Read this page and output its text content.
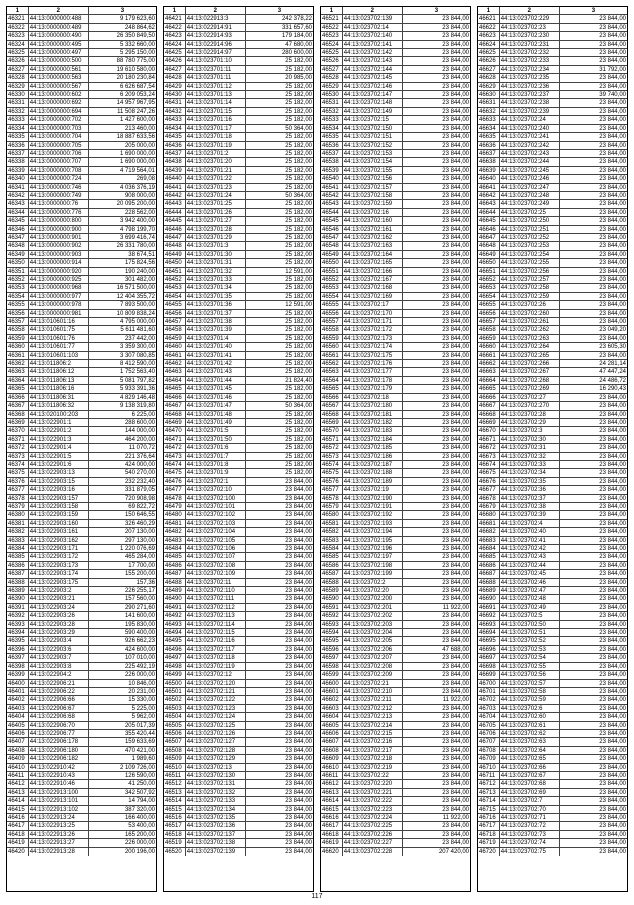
1	2	3
46321 44:13:0000000:488	9 179 623,60
46322 44:13:0000000:489	248 864,62
46323 44:13:0000000:490	26 350 849,50
46324 44:13:0000000:495	5 332 660,00
46325 44:13:0000000:497	5 295 150,00
46326 44:13:0000000:500	88 780 775,00
46327 44:13:0000000:561	19 610 580,00
46328 44:13:0000000:563	20 180 230,84
46329 44:13:0000000:567	6 626 687,54
46330 44:13:0000000:602	6 209 053,24
46331 44:13:0000000:692	14 957 967,95
46332 44:13:0000000:694	11 508 247,26
46333 44:13:0000000:702	1 427 600,00
46334 44:13:0000000:703	213 460,00
46335 44:13:0000000:704	18 887 633,56
46336 44:13:0000000:705	205 000,00
46337 44:13:0000000:706	1 690 000,00
46338 44:13:0000000:707	1 690 000,00
46339 44:13:0000000:708	4 719 564,01
46340 44:13:0000000:724	269,08
46341 44:13:0000000:746	4 036 376,19
46342 44:13:0000000:749	908 000,00
46343 44:13:0000000:76	20 095 200,00
46344 44:13:0000000:776	228 562,00
46345 44:13:0000000:800	3 942 400,00
46346 44:13:0000000:900	4 798 199,70
46347 44:13:0000000:901	3 699 416,74
46348 44:13:0000000:902	26 331 780,00
46349 44:13:0000000:903	38 674,51
46350 44:13:0000000:914	175 824,56
46351 44:13:0000000:920	190 240,00
46352 44:13:0000000:925	301 482,00
46353 44:13:0000000:968	16 571 500,00
46354 44:13:0000000:977	12 404 355,72
46355 44:13:0000000:978	7 893 500,00
46356 44:13:0000000:981	10 809 838,24
46357 44:13:010601:16	4 795 000,00
46358 44:13:010601:75	5 611 481,60
46359 44:13:010601:76	237 442,00
46360 44:13:010601:77	3 359 300,00
46361 44:13:010601:103	3 307 080,85
46362 44:13:011806:2	8 412 590,00
46363 44:13:011806:12	1 752 563,40
46364 44:13:011806:13	5 081 797,82
46365 44:13:011806:16	5 933 391,36
46366 44:13:011806:31	4 829 146,48
46367 44:13:011806:32	9 138 319,80
46368 44:13:020100:203	6 225,00
46369 44:13:022901:1	288 600,00
46370 44:13:022901:2	144 000,00
46371 44:13:022901:3	464 200,00
46372 44:13:022901:4	11 070,72
46373 44:13:022901:5	221 376,64
46374 44:13:022901:6	424 000,00
46375 44:13:022903:13	540 270,00
46376 44:13:022903:15	232 232,40
46377 44:13:022903:16	331 879,05
46378 44:13:022903:157	720 908,98
46379 44:13:022903:158	69 822,72
46380 44:13:022903:159	150 646,55
46381 44:13:022903:160	326 460,29
46382 44:13:022903:161	207 130,00
46383 44:13:022903:162	297 130,00
46384 44:13:022903:171	1 220 076,69
46385 44:13:022903:172	465 284,00
46386 44:13:022903:173	17 700,00
46387 44:13:022903:174	155 200,00
46388 44:13:022903:175	157,36
46389 44:13:022903:2	226 255,17
46390 44:13:022903:21	157 560,00
46391 44:13:022903:24	290 271,60
46392 44:13:022903:26	141 600,00
46393 44:13:022903:28	195 830,00
46394 44:13:022903:29	590 400,00
46395 44:13:022903:4	926 662,23
46396 44:13:022903:6	424 600,00
46397 44:13:022903:7	107 010,00
46398 44:13:022903:8	225 492,19
46399 44:13:022904:2	226 000,00
46400 44:13:022906:21	10 846,00
46401 44:13:022906:22	20 231,00
46402 44:13:022906:66	15 330,00
46403 44:13:022906:67	5 225,00
46404 44:13:022906:68	5 962,00
46405 44:13:022906:70	205 017,39
46406 44:13:022906:77	355 420,44
46407 44:13:022906:178	159 633,69
46408 44:13:022906:180	470 421,00
46409 44:13:022906:182	1 989,60
46410 44:13:022910:42	2 109 726,00
46411 44:13:022910:43	126 590,00
46412 44:13:022910:46	41 250,00
46413 44:13:022913:100	342 507,92
46414 44:13:022913:101	14 794,00
46415 44:13:022913:102	387 320,00
46416 44:13:022913:24	166 400,00
46417 44:13:022913:25	53 400,00
46418 44:13:022913:26	165 200,00
46419 44:13:022913:27	226 000,00
46420 44:13:022913:28	200 196,00
1	2	3
46421 44:13:022913:3	242 378,22
46422 44:13:022914:91	331 657,60
46423 44:13:022914:93	179 184,00
46424 44:13:022914:96	47 680,00
46425 44:13:022914:97	280 600,00
46426 44:13:023701:10	25 182,00
46427 44:13:023701:11	25 182,00
46428 44:13:023701:11	20 985,00
46429 44:13:023701:12	25 182,00
46430 44:13:023701:13	25 182,00
46431 44:13:023701:14	25 182,00
46432 44:13:023701:15	25 182,00
46433 44:13:023701:16	25 182,00
46434 44:13:023701:17	50 364,00
46435 44:13:023701:18	25 182,00
46436 44:13:023701:19	25 182,00
46437 44:13:023701:2	25 182,00
46438 44:13:023701:20	25 182,00
46439 44:13:023701:21	25 182,00
46440 44:13:023701:22	25 182,00
46441 44:13:023701:23	25 182,00
46442 44:13:023701:24	50 364,00
46443 44:13:023701:25	25 182,00
46444 44:13:023701:26	25 182,00
46445 44:13:023701:27	25 182,00
46446 44:13:023701:28	25 182,00
46447 44:13:023701:29	25 182,00
46448 44:13:023701:3	25 182,00
46449 44:13:023701:30	25 182,00
46450 44:13:023701:31	25 182,00
46451 44:13:023701:32	12 591,00
46452 44:13:023701:33	25 182,00
46453 44:13:023701:34	25 182,00
46454 44:13:023701:35	25 182,00
46455 44:13:023701:36	12 591,00
46456 44:13:023701:37	25 182,00
46457 44:13:023701:38	25 182,00
46458 44:13:023701:39	25 182,00
46459 44:13:023701:4	25 182,00
46460 44:13:023701:40	25 182,00
46461 44:13:023701:41	25 182,00
46462 44:13:023701:42	25 182,00
46463 44:13:023701:43	25 182,00
46464 44:13:023701:44	21 824,40
46465 44:13:023701:45	25 182,00
46466 44:13:023701:46	25 182,00
46467 44:13:023701:47	50 364,00
46468 44:13:023701:48	25 182,00
46469 44:13:023701:49	25 182,00
46470 44:13:023701:5	25 182,00
46471 44:13:023701:50	25 182,00
46472 44:13:023701:6	25 182,00
46473 44:13:023701:7	25 182,00
46474 44:13:023701:8	25 182,00
46475 44:13:023701:9	25 182,00
46476 44:13:023702:1	23 844,00
46477 44:13:023702:10	23 844,00
46478 44:13:023702:100	23 844,00
46479 44:13:023702:101	23 844,00
46480 44:13:023702:102	23 844,00
46481 44:13:023702:103	23 844,00
46482 44:13:023702:104	23 844,00
46483 44:13:023702:105	23 844,00
46484 44:13:023702:106	23 844,00
46485 44:13:023702:107	23 844,00
46486 44:13:023702:108	23 844,00
46487 44:13:023702:109	23 844,00
46488 44:13:023702:11	23 844,00
46489 44:13:023702:110	23 844,00
46490 44:13:023702:111	23 844,00
46491 44:13:023702:112	23 844,00
46492 44:13:023702:113	23 844,00
46493 44:13:023702:114	23 844,00
46494 44:13:023702:115	23 844,00
46495 44:13:023702:116	23 844,00
46496 44:13:023702:117	23 844,00
46497 44:13:023702:118	23 844,00
46498 44:13:023702:119	23 844,00
46499 44:13:023702:12	23 844,00
46500 44:13:023702:120	23 844,00
46501 44:13:023702:121	23 844,00
46502 44:13:023702:122	23 844,00
46503 44:13:023702:123	23 844,00
46504 44:13:023702:124	23 844,00
46505 44:13:023702:125	23 844,00
46506 44:13:023702:126	23 844,00
46507 44:13:023702:127	23 844,00
46508 44:13:023702:128	23 844,00
46509 44:13:023702:129	23 844,00
46510 44:13:023702:13	23 844,00
46511 44:13:023702:130	23 844,00
46512 44:13:023702:131	23 844,00
46513 44:13:023702:132	23 844,00
46514 44:13:023702:133	23 844,00
46515 44:13:023702:134	23 844,00
46516 44:13:023702:135	23 844,00
46517 44:13:023702:136	23 844,00
46518 44:13:023702:137	23 844,00
46519 44:13:023702:138	23 844,00
46520 44:13:023702:139	23 844,00
1	2	3
46521 44:13:023702:139	23 844,00
46522 44:13:023702:14	23 844,00
46523 44:13:023702:140	23 844,00
46524 44:13:023702:141	23 844,00
46525 44:13:023702:142	23 844,00
46526 44:13:023702:143	23 844,00
46527 44:13:023702:144	23 844,00
46528 44:13:023702:145	23 844,00
46529 44:13:023702:146	23 844,00
46530 44:13:023702:147	23 844,00
46531 44:13:023702:148	23 844,00
46532 44:13:023702:149	23 844,00
46533 44:13:023702:15	23 844,00
46534 44:13:023702:150	23 844,00
46535 44:13:023702:151	23 844,00
46536 44:13:023702:152	23 844,00
46537 44:13:023702:153	23 844,00
46538 44:13:023702:154	23 844,00
46539 44:13:023702:155	23 844,00
46540 44:13:023702:156	23 844,00
46541 44:13:023702:157	23 844,00
46542 44:13:023702:158	23 844,00
46543 44:13:023702:159	23 844,00
46544 44:13:023702:16	23 844,00
46545 44:13:023702:160	23 844,00
46546 44:13:023702:161	23 844,00
46547 44:13:023702:162	23 844,00
46548 44:13:023702:163	23 844,00
46549 44:13:023702:164	23 844,00
46550 44:13:023702:165	23 844,00
46551 44:13:023702:166	23 844,00
46552 44:13:023702:167	23 844,00
46553 44:13:023702:168	23 844,00
46554 44:13:023702:169	23 844,00
46555 44:13:023702:17	23 844,00
46556 44:13:023702:170	23 844,00
46557 44:13:023702:171	23 844,00
46558 44:13:023702:172	23 844,00
46559 44:13:023702:173	23 844,00
46560 44:13:023702:174	23 844,00
46561 44:13:023702:175	23 844,00
46562 44:13:023702:176	23 844,00
46563 44:13:023702:177	23 844,00
46564 44:13:023702:178	23 844,00
46565 44:13:023702:179	23 844,00
46566 44:13:023702:18	23 844,00
46567 44:13:023702:180	23 844,00
46568 44:13:023702:181	23 844,00
46569 44:13:023702:182	23 844,00
46570 44:13:023702:183	23 844,00
46571 44:13:023702:184	23 844,00
46572 44:13:023702:185	23 844,00
46573 44:13:023702:186	23 844,00
46574 44:13:023702:187	23 844,00
46575 44:13:023702:188	23 844,00
46576 44:13:023702:189	23 844,00
46577 44:13:023702:19	23 844,00
46578 44:13:023702:190	23 844,00
46579 44:13:023702:191	23 844,00
46580 44:13:023702:192	23 844,00
46581 44:13:023702:193	23 844,00
46582 44:13:023702:194	23 844,00
46583 44:13:023702:195	23 844,00
46584 44:13:023702:196	23 844,00
46585 44:13:023702:197	23 844,00
46586 44:13:023702:198	23 844,00
46587 44:13:023702:199	23 844,00
46588 44:13:023702:2	23 844,00
46589 44:13:023702:20	23 844,00
46590 44:13:023702:200	23 844,00
46591 44:13:023702:201	11 922,00
46592 44:13:023702:202	23 844,00
46593 44:13:023702:203	23 844,00
46594 44:13:023702:204	23 844,00
46595 44:13:023702:205	23 844,00
46596 44:13:023702:206	47 688,00
46597 44:13:023702:207	23 844,00
46598 44:13:023702:208	23 844,00
46599 44:13:023702:209	23 844,00
46600 44:13:023702:21	23 844,00
46601 44:13:023702:210	23 844,00
46602 44:13:023702:211	11 922,00
46603 44:13:023702:212	23 844,00
46604 44:13:023702:213	23 844,00
46605 44:13:023702:214	23 844,00
46606 44:13:023702:215	23 844,00
46607 44:13:023702:216	23 844,00
46608 44:13:023702:217	23 844,00
46609 44:13:023702:218	23 844,00
46610 44:13:023702:219	23 844,00
46611 44:13:023702:22	23 844,00
46612 44:13:023702:220	23 844,00
46613 44:13:023702:221	23 844,00
46614 44:13:023702:222	23 844,00
46615 44:13:023702:223	23 844,00
46616 44:13:023702:224	11 922,00
46617 44:13:023702:225	23 844,00
46618 44:13:023702:226	23 844,00
46619 44:13:023702:227	23 844,00
46620 44:13:023702:228	207 420,00
1	2	3
46621 44:13:023702:229	23 844,00
46622 44:13:023702:23	23 844,00
46623 44:13:023702:230	23 844,00
46624 44:13:023702:231	23 844,00
46625 44:13:023702:232	23 844,00
46626 44:13:023702:233	23 844,00
46627 44:13:023702:234	31 792,00
46628 44:13:023702:235	23 844,00
46629 44:13:023702:236	23 844,00
46630 44:13:023702:237	39 740,00
46631 44:13:023702:238	23 844,00
46632 44:13:023702:239	23 844,00
46633 44:13:023702:24	23 844,00
46634 44:13:023702:240	23 844,00
46635 44:13:023702:241	23 844,00
46636 44:13:023702:242	23 844,00
46637 44:13:023702:243	23 844,00
46638 44:13:023702:244	23 844,00
46639 44:13:023702:245	23 844,00
46640 44:13:023702:246	23 844,00
46641 44:13:023702:247	23 844,00
46642 44:13:023702:248	23 844,00
46643 44:13:023702:249	23 844,00
46644 44:13:023702:25	23 844,00
46645 44:13:023702:250	23 844,00
46646 44:13:023702:251	23 844,00
46647 44:13:023702:252	23 844,00
46648 44:13:023702:253	23 844,00
46649 44:13:023702:254	23 844,00
46650 44:13:023702:255	23 844,00
46651 44:13:023702:256	23 844,00
46652 44:13:023702:257	23 844,00
46653 44:13:023702:258	23 844,00
46654 44:13:023702:259	23 844,00
46655 44:13:023702:26	23 844,00
46656 44:13:023702:260	23 844,00
46657 44:13:023702:261	23 844,00
46658 44:13:023702:262	23 049,20
46659 44:13:023702:263	23 844,00
46660 44:13:023702:264	23 605,30
46661 44:13:023702:265	23 844,00
46662 44:13:023702:266	24 281,14
46663 44:13:023702:267	47 447,24
46664 44:13:023702:268	24 486,72
46665 44:13:023702:269	16 290,43
46666 44:13:023702:27	23 844,00
46667 44:13:023702:270	23 844,00
46668 44:13:023702:28	23 844,00
46669 44:13:023702:29	23 844,00
46670 44:13:023702:3	23 844,00
46671 44:13:023702:30	23 844,00
46672 44:13:023702:31	23 844,00
46673 44:13:023702:32	23 844,00
46674 44:13:023702:33	23 844,00
46675 44:13:023702:34	23 844,00
46676 44:13:023702:35	23 844,00
46677 44:13:023702:36	23 844,00
46678 44:13:023702:37	23 844,00
46679 44:13:023702:38	23 844,00
46680 44:13:023702:39	23 844,00
46681 44:13:023702:4	23 844,00
46682 44:13:023702:40	23 844,00
46683 44:13:023702:41	23 844,00
46684 44:13:023702:42	23 844,00
46685 44:13:023702:43	23 844,00
46686 44:13:023702:44	23 844,00
46687 44:13:023702:45	23 844,00
46688 44:13:023702:46	23 844,00
46689 44:13:023702:47	23 844,00
46690 44:13:023702:48	23 844,00
46691 44:13:023702:49	23 844,00
46692 44:13:023702:5	23 844,00
46693 44:13:023702:50	23 844,00
46694 44:13:023702:51	23 844,00
46695 44:13:023702:52	23 844,00
46696 44:13:023702:53	23 844,00
46697 44:13:023702:54	23 844,00
46698 44:13:023702:55	23 844,00
46699 44:13:023702:56	23 844,00
46700 44:13:023702:57	23 844,00
46701 44:13:023702:58	23 844,00
46702 44:13:023702:59	23 844,00
46703 44:13:023702:6	23 844,00
46704 44:13:023702:60	23 844,00
46705 44:13:023702:61	23 844,00
46706 44:13:023702:62	23 844,00
46707 44:13:023702:63	23 844,00
46708 44:13:023702:64	23 844,00
46709 44:13:023702:65	23 844,00
46710 44:13:023702:66	23 844,00
46711 44:13:023702:67	23 844,00
46712 44:13:023702:68	23 844,00
46713 44:13:023702:69	23 844,00
46714 44:13:023702:7	23 844,00
46715 44:13:023702:70	23 844,00
46716 44:13:023702:71	23 844,00
46717 44:13:023702:72	23 844,00
46718 44:13:023702:73	23 844,00
46719 44:13:023702:74	23 844,00
46720 44:13:023702:75	23 844,00
117
